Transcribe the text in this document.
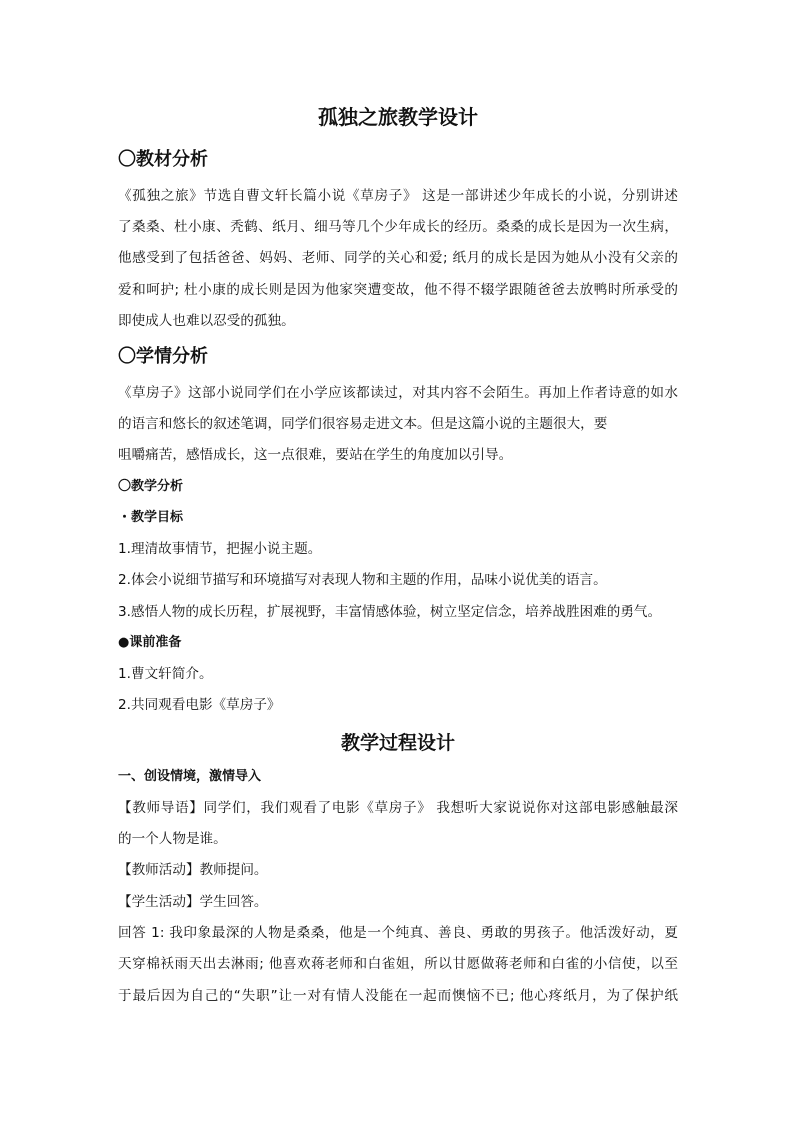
孤独之旅教学设计
〇教材分析
《孤独之旅》节选自曹文轩长篇小说《草房子》 这是一部讲述少年成长的小说，分别讲述
了桑桑、杜小康、秃鹤、纸月、细马等几个少年成长的经历。桑桑的成长是因为一次生病，
他感受到了包括爸爸、妈妈、老师、同学的关心和爱; 纸月的成长是因为她从小没有父亲的
爱和呵护; 杜小康的成长则是因为他家突遭变故，他不得不辍学跟随爸爸去放鸭时所承受的
即使成人也难以忍受的孤独。
〇学情分析
《草房子》这部小说同学们在小学应该都读过，对其内容不会陌生。再加上作者诗意的如水
的语言和悠长的叙述笔调，同学们很容易走进文本。但是这篇小说的主题很大，要
咀嚼痛苦，感悟成长，这一点很难，要站在学生的角度加以引导。
〇教学分析
・教学目标
1.理清故事情节，把握小说主题。
2.体会小说细节描写和环境描写对表现人物和主题的作用，品味小说优美的语言。
3.感悟人物的成长历程，扩展视野，丰富情感体验，树立坚定信念，培养战胜困难的勇气。
●课前准备
1.曹文轩简介。
2.共同观看电影《草房子》
教学过程设计
一、创设情境，激情导入
【教师导语】同学们，我们观看了电影《草房子》 我想听大家说说你对这部电影感触最深
的一个人物是谁。
【教师活动】教师提问。
【学生活动】学生回答。
回答 1: 我印象最深的人物是桑桑，他是一个纯真、善良、勇敢的男孩子。他活泼好动，夏
天穿棉袄雨天出去淋雨; 他喜欢蒋老师和白雀姐，所以甘愿做蒋老师和白雀的小信使，以至
于最后因为自己的“失职”让一对有情人没能在一起而懊恼不已; 他心疼纸月，为了保护纸
